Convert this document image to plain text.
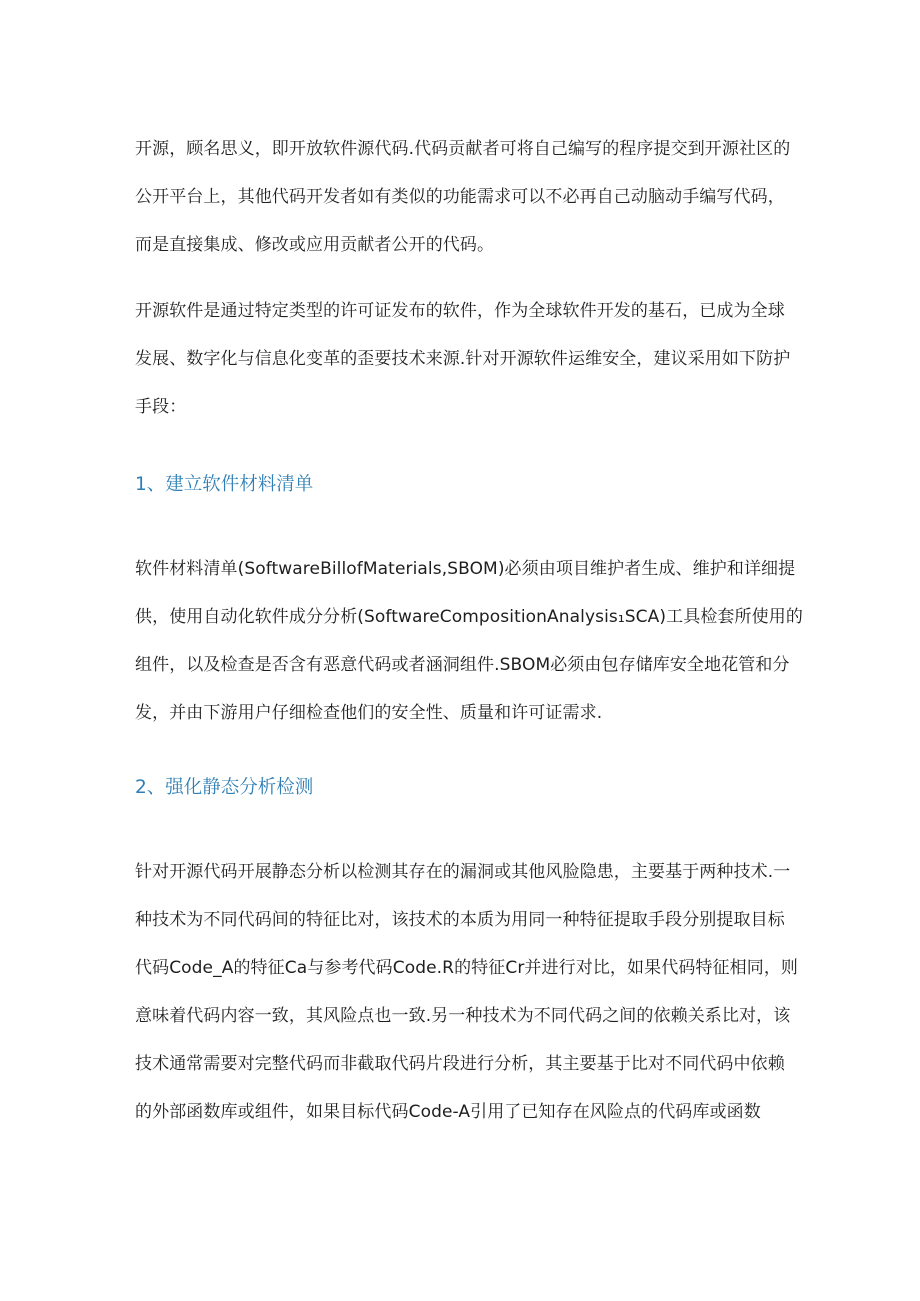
开源，顾名思义，即开放软件源代码.代码贡献者可将自己编写的程序提交到开源社区的
公开平台上，其他代码开发者如有类似的功能需求可以不必再自己动脑动手编写代码，
而是直接集成、修改或应用贡献者公开的代码。
开源软件是通过特定类型的许可证发布的软件，作为全球软件开发的基石，已成为全球
发展、数字化与信息化变革的歪要技术来源.针对开源软件运维安全，建议采用如下防护
手段：
1、建立软件材料清单
软件材料清单(SoftwareBillofMaterials,SBOM)必须由项目维护者生成、维护和详细提
供，使用自动化软件成分分析(SoftwareCompositionAnalysis₁SCA)工具检套所使用的
组件，以及检查是否含有恶意代码或者涵洞组件.SBOM必须由包存储库安全地花管和分
发，并由下游用户仔细检查他们的安全性、质量和许可证需求.
2、强化静态分析检测
针对开源代码开展静态分析以检测其存在的漏洞或其他风脸隐患，主要基于两种技术.一
种技术为不同代码间的特征比对，该技术的本质为用同一种特征提取手段分别提取目标
代码Code_A的特征Ca与参考代码Code.R的特征Cr并进行对比，如果代码特征相同，则
意味着代码内容一致，其风险点也一致.另一种技术为不同代码之间的依赖关系比对，该
技术通常需要对完整代码而非截取代码片段进行分析，其主要基于比对不同代码中依赖
的外部函数库或组件，如果目标代码Code-A引用了已知存在风险点的代码库或函数
